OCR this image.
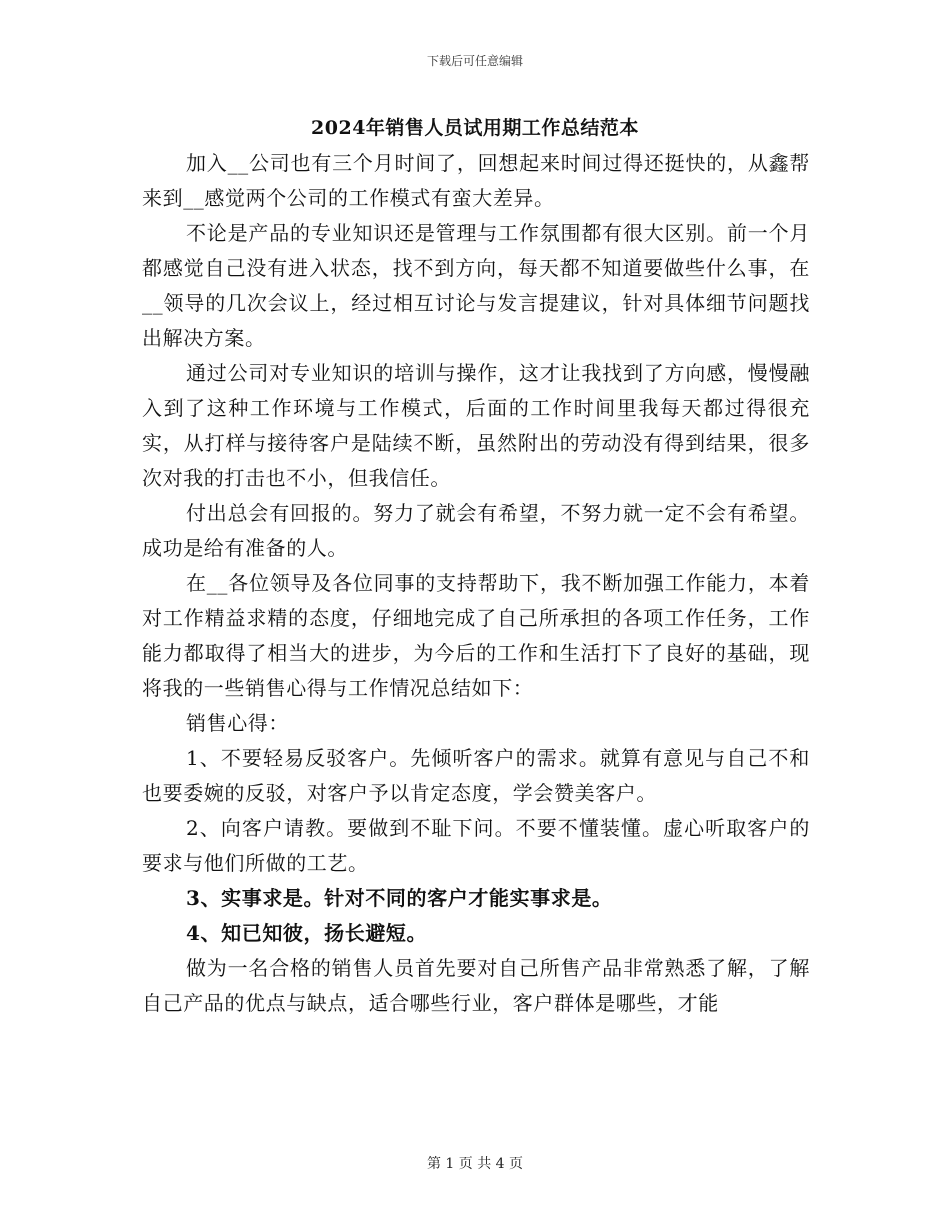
下载后可任意编辑
2024年销售人员试用期工作总结范本

加入__公司也有三个月时间了，回想起来时间过得还挺快的，从鑫帮来到__感觉两个公司的工作模式有蛮大差异。

不论是产品的专业知识还是管理与工作氛围都有很大区别。前一个月都感觉自己没有进入状态，找不到方向，每天都不知道要做些什么事，在__领导的几次会议上，经过相互讨论与发言提建议，针对具体细节问题找出解决方案。

通过公司对专业知识的培训与操作，这才让我找到了方向感，慢慢融入到了这种工作环境与工作模式，后面的工作时间里我每天都过得很充实，从打样与接待客户是陆续不断，虽然附出的劳动没有得到结果，很多次对我的打击也不小，但我信任。

付出总会有回报的。努力了就会有希望，不努力就一定不会有希望。成功是给有准备的人。

在__各位领导及各位同事的支持帮助下，我不断加强工作能力，本着对工作精益求精的态度，仔细地完成了自己所承担的各项工作任务，工作能力都取得了相当大的进步，为今后的工作和生活打下了良好的基础，现将我的一些销售心得与工作情况总结如下：

销售心得：

1、不要轻易反驳客户。先倾听客户的需求。就算有意见与自己不和也要委婉的反驳，对客户予以肯定态度，学会赞美客户。

2、向客户请教。要做到不耻下问。不要不懂装懂。虚心听取客户的要求与他们所做的工艺。

3、实事求是。针对不同的客户才能实事求是。

4、知已知彼，扬长避短。

做为一名合格的销售人员首先要对自己所售产品非常熟悉了解，了解自己产品的优点与缺点，适合哪些行业，客户群体是哪些，才能

第 1 页 共 4 页
